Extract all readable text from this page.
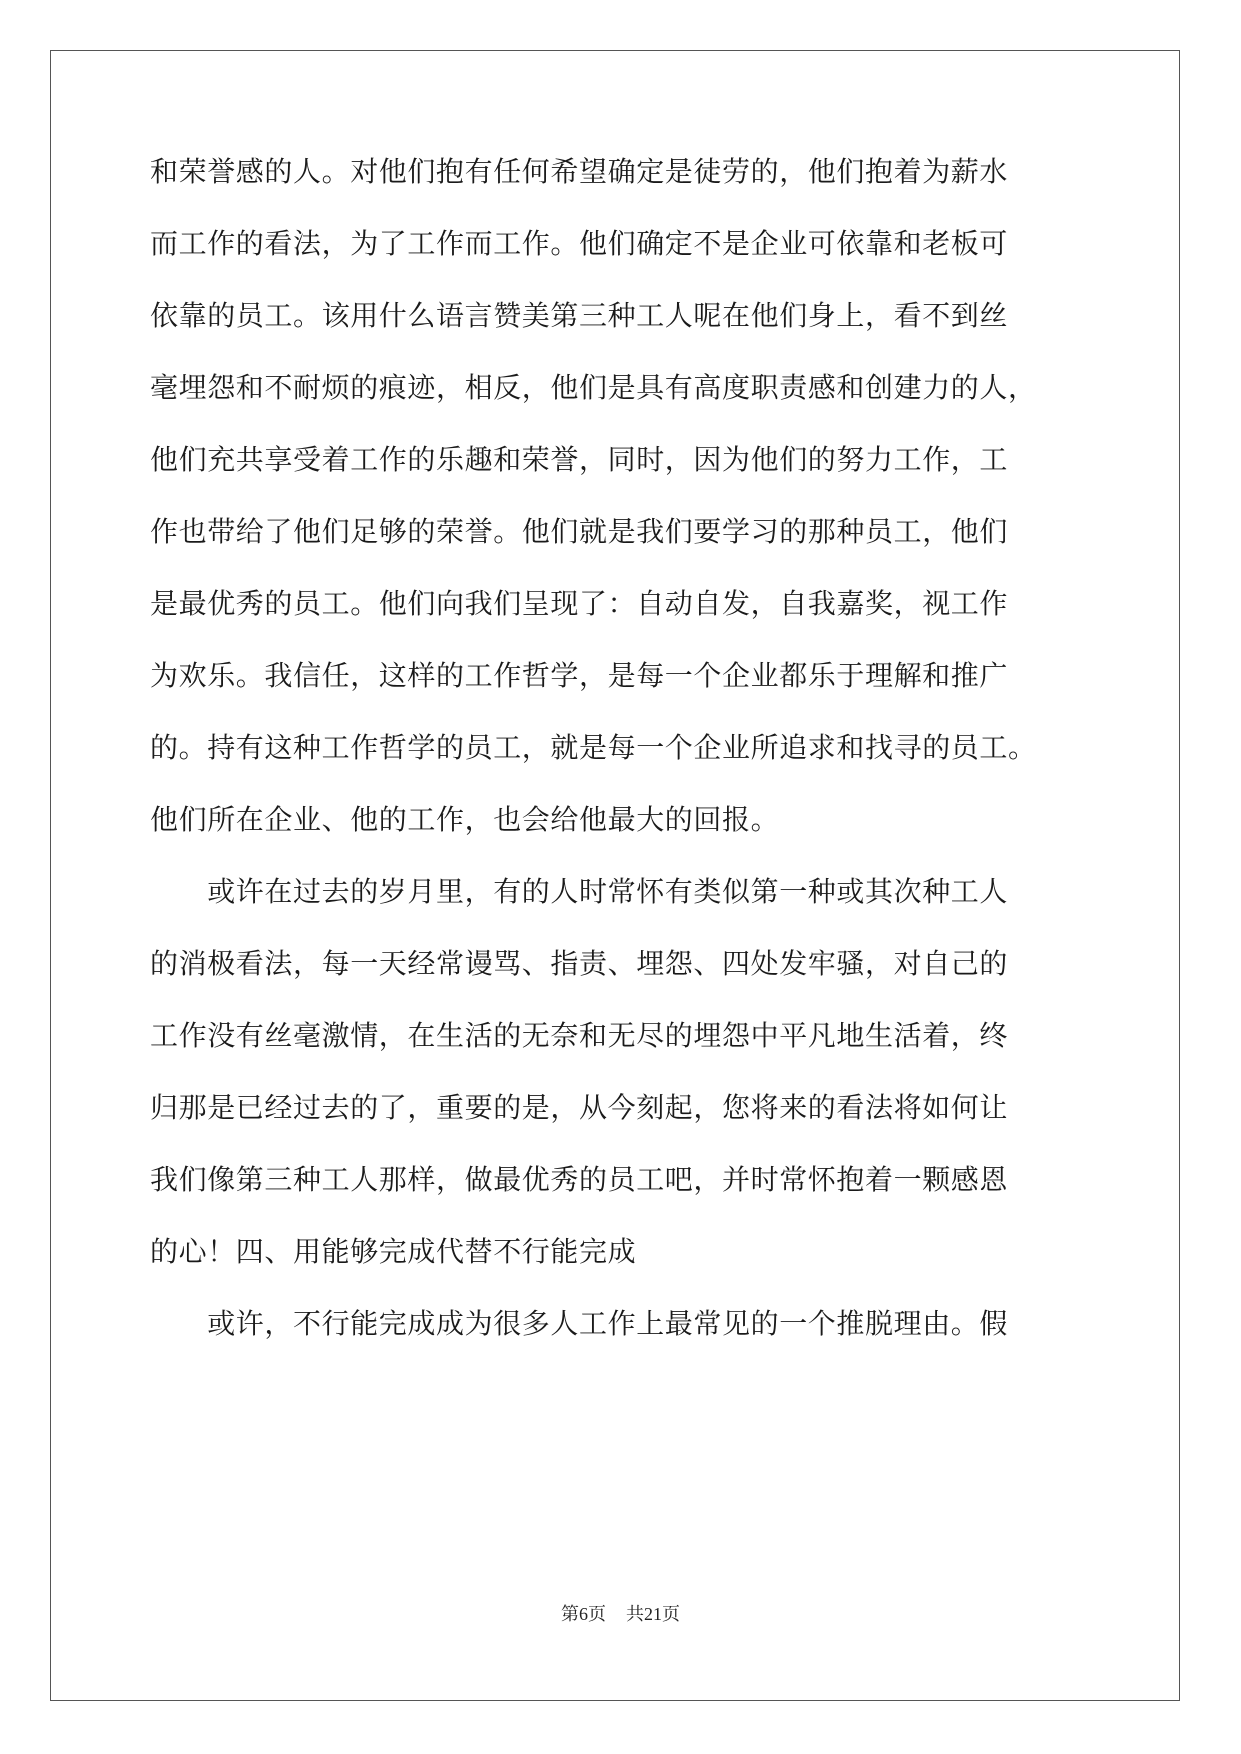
和荣誉感的人。对他们抱有任何希望确定是徒劳的，他们抱着为薪水
而工作的看法，为了工作而工作。他们确定不是企业可依靠和老板可
依靠的员工。该用什么语言赞美第三种工人呢在他们身上，看不到丝
毫埋怨和不耐烦的痕迹，相反，他们是具有高度职责感和创建力的人，
他们充共享受着工作的乐趣和荣誉，同时，因为他们的努力工作，工
作也带给了他们足够的荣誉。他们就是我们要学习的那种员工，他们
是最优秀的员工。他们向我们呈现了：自动自发，自我嘉奖，视工作
为欢乐。我信任，这样的工作哲学，是每一个企业都乐于理解和推广
的。持有这种工作哲学的员工，就是每一个企业所追求和找寻的员工。
他们所在企业、他的工作，也会给他最大的回报。
　　或许在过去的岁月里，有的人时常怀有类似第一种或其次种工人
的消极看法，每一天经常谩骂、指责、埋怨、四处发牢骚，对自己的
工作没有丝毫激情，在生活的无奈和无尽的埋怨中平凡地生活着，终
归那是已经过去的了，重要的是，从今刻起，您将来的看法将如何让
我们像第三种工人那样，做最优秀的员工吧，并时常怀抱着一颗感恩
的心！四、用能够完成代替不行能完成
　　或许，不行能完成成为很多人工作上最常见的一个推脱理由。假
第6页 共21页
